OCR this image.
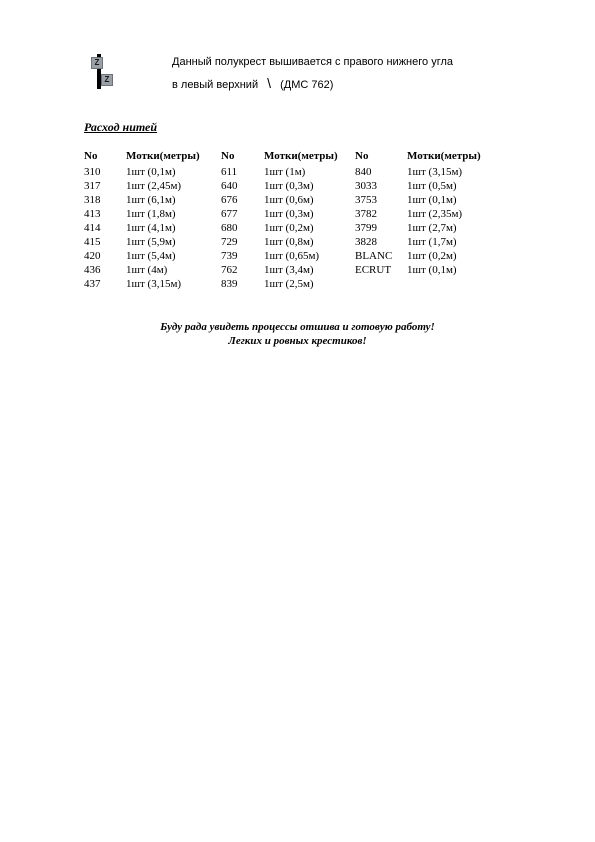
	Z

	Z

Данный полукрест вышивается с правого нижнего угла
в левый верхний \ (ДМС 762)
Расход нитей
No	Мотки(метры)	No	Мотки(метры)	No	Мотки(метры)
310	1шт (0,1м)	611	1шт (1м)	840	1шт (3,15м)
317	1шт (2,45м)	640	1шт (0,3м)	3033	1шт (0,5м)
318	1шт (6,1м)	676	1шт (0,6м)	3753	1шт (0,1м)
413	1шт (1,8м)	677	1шт (0,3м)	3782	1шт (2,35м)
414	1шт (4,1м)	680	1шт (0,2м)	3799	1шт (2,7м)
415	1шт (5,9м)	729	1шт (0,8м)	3828	1шт (1,7м)
420	1шт (5,4м)	739	1шт (0,65м)	BLANC	1шт (0,2м)
436	1шт (4м)	762	1шт (3,4м)	ECRUT	1шт (0,1м)
437	1шт (3,15м)	839	1шт (2,5м)		
Буду рада увидеть процессы отшива и готовую работу!
Легких и ровных крестиков!
